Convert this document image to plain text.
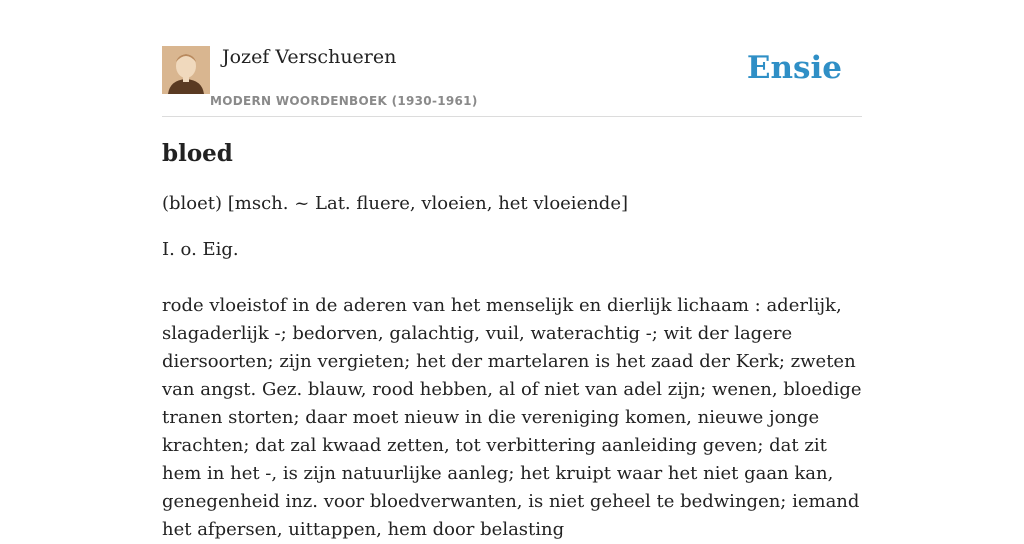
Jozef Verschueren
MODERN WOORDENBOEK (1930-1961)
Ensie
bloed

(bloet) [msch. ~ Lat. fluere, vloeien, het vloeiende]

I. o. Eig.

rode vloeistof in de aderen van het menselijk en dierlijk lichaam : aderlijk, slagaderlijk -; bedorven, galachtig, vuil, waterachtig -; wit der lagere diersoorten; zijn vergieten; het der martelaren is het zaad der Kerk; zweten van angst. Gez. blauw, rood hebben, al of niet van adel zijn; wenen, bloedige tranen storten; daar moet nieuw in die vereniging komen, nieuwe jonge krachten; dat zal kwaad zetten, tot verbittering aanleiding geven; dat zit hem in het -, is zijn natuurlijke aanleg; het kruipt waar het niet gaan kan, genegenheid inz. voor bloedverwanten, is niet geheel te bedwingen; iemand het afpersen, uittappen, hem door belasting
